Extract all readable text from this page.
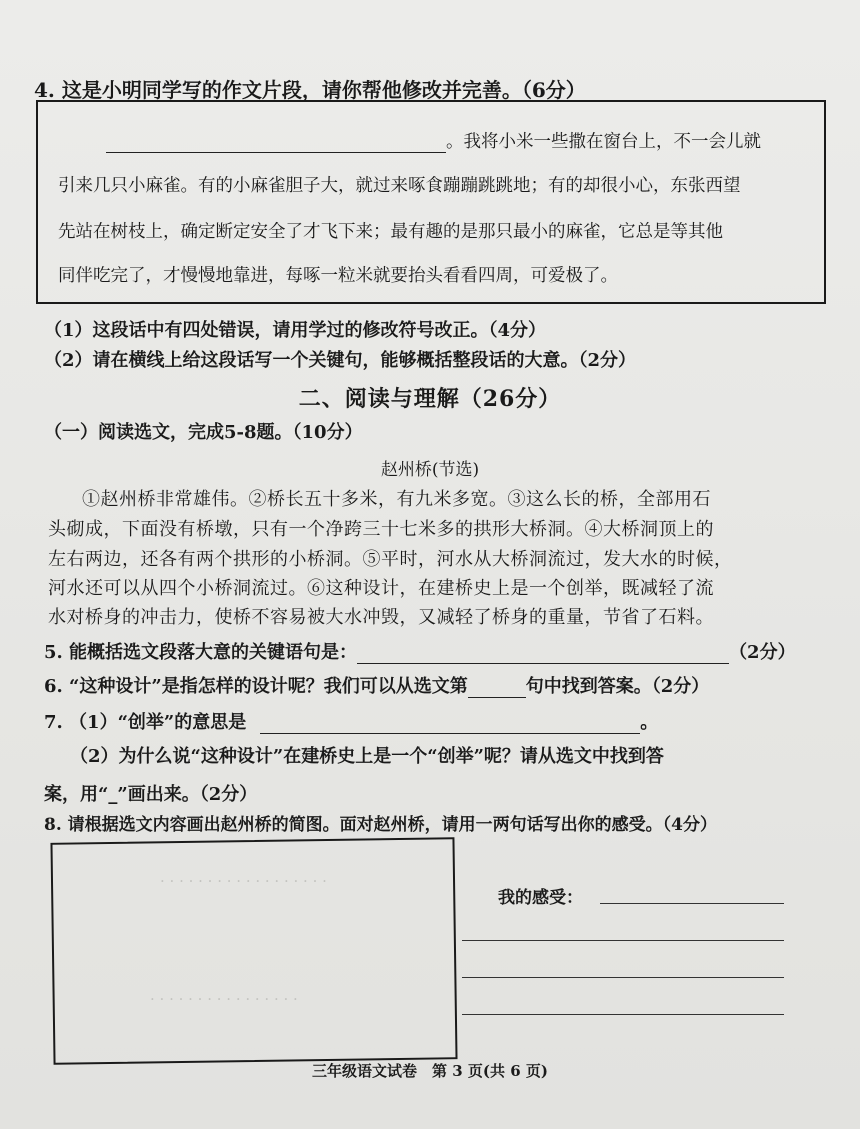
4. 这是小明同学写的作文片段，请你帮他修改并完善。（6分）
。我将小米一些撒在窗台上，不一会儿就
引来几只小麻雀。有的小麻雀胆子大，就过来啄食蹦蹦跳跳地；有的却很小心，东张西望
先站在树枝上，确定断定安全了才飞下来；最有趣的是那只最小的麻雀，它总是等其他
同伴吃完了，才慢慢地靠进，每啄一粒米就要抬头看看四周，可爱极了。
（1）这段话中有四处错误，请用学过的修改符号改正。（4分）
（2）请在横线上给这段话写一个关键句，能够概括整段话的大意。（2分）
二、阅读与理解（26分）
（一）阅读选文，完成5-8题。（10分）
赵州桥(节选)
①赵州桥非常雄伟。②桥长五十多米，有九米多宽。③这么长的桥，全部用石
头砌成，下面没有桥墩，只有一个净跨三十七米多的拱形大桥洞。④大桥洞顶上的
左右两边，还各有两个拱形的小桥洞。⑤平时，河水从大桥洞流过，发大水的时候，
河水还可以从四个小桥洞流过。⑥这种设计，在建桥史上是一个创举，既减轻了流
水对桥身的冲击力，使桥不容易被大水冲毁，又减轻了桥身的重量，节省了石料。
5. 能概括选文段落大意的关键语句是：	（2分）
6. “这种设计”是指怎样的设计呢？我们可以从选文第	句中找到答案。（2分）
7. （1）“创举”的意思是	。
（2）为什么说“这种设计”在建桥史上是一个“创举”呢？请从选文中找到答
案，用“_”画出来。（2分）
8. 请根据选文内容画出赵州桥的简图。面对赵州桥，请用一两句话写出你的感受。（4分）
· · · · · · · · · · · · · · · · · ·
· · · · · · · · · · · · · · · ·
我的感受：
三年级语文试卷　第 3 页(共 6 页)
